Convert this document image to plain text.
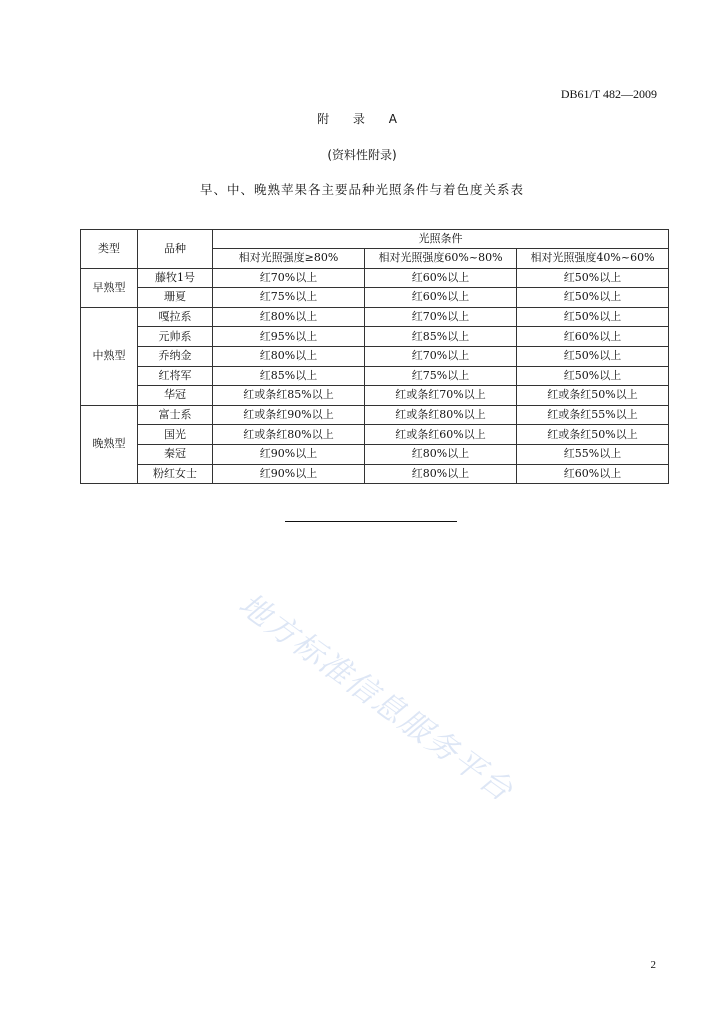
DB61/T 482—2009
附 录 A
(资料性附录)
早、中、晚熟苹果各主要品种光照条件与着色度关系表
类型	品种	光照条件		
		相对光照强度≥80%	相对光照强度60%~80%	相对光照强度40%~60%
早熟型	藤牧1号	红70%以上	红60%以上	红50%以上
	珊夏	红75%以上	红60%以上	红50%以上
中熟型	嘎拉系	红80%以上	红70%以上	红50%以上
	元帅系	红95%以上	红85%以上	红60%以上
	乔纳金	红80%以上	红70%以上	红50%以上
	红将军	红85%以上	红75%以上	红50%以上
	华冠	红或条红85%以上	红或条红70%以上	红或条红50%以上
晚熟型	富士系	红或条红90%以上	红或条红80%以上	红或条红55%以上
	国光	红或条红80%以上	红或条红60%以上	红或条红50%以上
	秦冠	红90%以上	红80%以上	红55%以上
	粉红女士	红90%以上	红80%以上	红60%以上
地方标准信息服务平台
2
